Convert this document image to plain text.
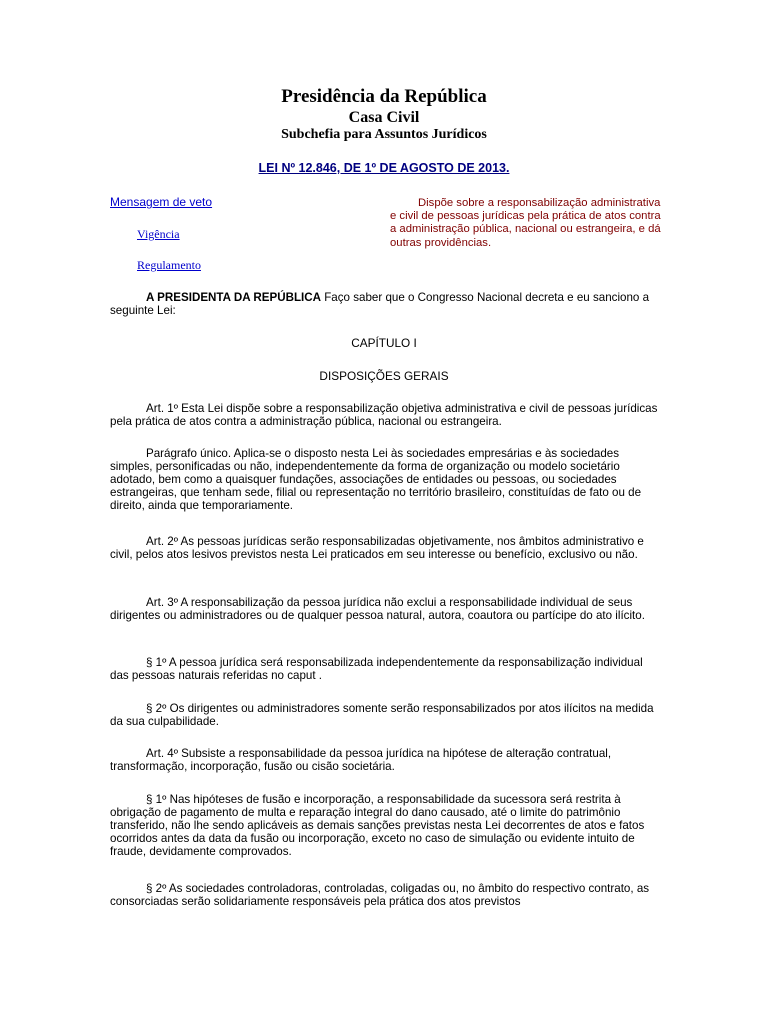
Presidência da República
Casa Civil
Subchefia para Assuntos Jurídicos
LEI Nº 12.846, DE 1º DE AGOSTO DE 2013.
Mensagem de veto
Vigência
Regulamento
Dispõe sobre a responsabilização administrativa e civil de pessoas jurídicas pela prática de atos contra a administração pública, nacional ou estrangeira, e dá outras providências.
A PRESIDENTA DA REPÚBLICA Faço saber que o Congresso Nacional decreta e eu sanciono a seguinte Lei:
CAPÍTULO I
DISPOSIÇÕES GERAIS
Art. 1º Esta Lei dispõe sobre a responsabilização objetiva administrativa e civil de pessoas jurídicas pela prática de atos contra a administração pública, nacional ou estrangeira.
Parágrafo único. Aplica-se o disposto nesta Lei às sociedades empresárias e às sociedades simples, personificadas ou não, independentemente da forma de organização ou modelo societário adotado, bem como a quaisquer fundações, associações de entidades ou pessoas, ou sociedades estrangeiras, que tenham sede, filial ou representação no território brasileiro, constituídas de fato ou de direito, ainda que temporariamente.
Art. 2º As pessoas jurídicas serão responsabilizadas objetivamente, nos âmbitos administrativo e civil, pelos atos lesivos previstos nesta Lei praticados em seu interesse ou benefício, exclusivo ou não.
Art. 3º A responsabilização da pessoa jurídica não exclui a responsabilidade individual de seus dirigentes ou administradores ou de qualquer pessoa natural, autora, coautora ou partícipe do ato ilícito.
§ 1º A pessoa jurídica será responsabilizada independentemente da responsabilização individual das pessoas naturais referidas no caput .
§ 2º Os dirigentes ou administradores somente serão responsabilizados por atos ilícitos na medida da sua culpabilidade.
Art. 4º Subsiste a responsabilidade da pessoa jurídica na hipótese de alteração contratual, transformação, incorporação, fusão ou cisão societária.
§ 1º Nas hipóteses de fusão e incorporação, a responsabilidade da sucessora será restrita à obrigação de pagamento de multa e reparação integral do dano causado, até o limite do patrimônio transferido, não lhe sendo aplicáveis as demais sanções previstas nesta Lei decorrentes de atos e fatos ocorridos antes da data da fusão ou incorporação, exceto no caso de simulação ou evidente intuito de fraude, devidamente comprovados.
§ 2º As sociedades controladoras, controladas, coligadas ou, no âmbito do respectivo contrato, as consorciadas serão solidariamente responsáveis pela prática dos atos previstos
